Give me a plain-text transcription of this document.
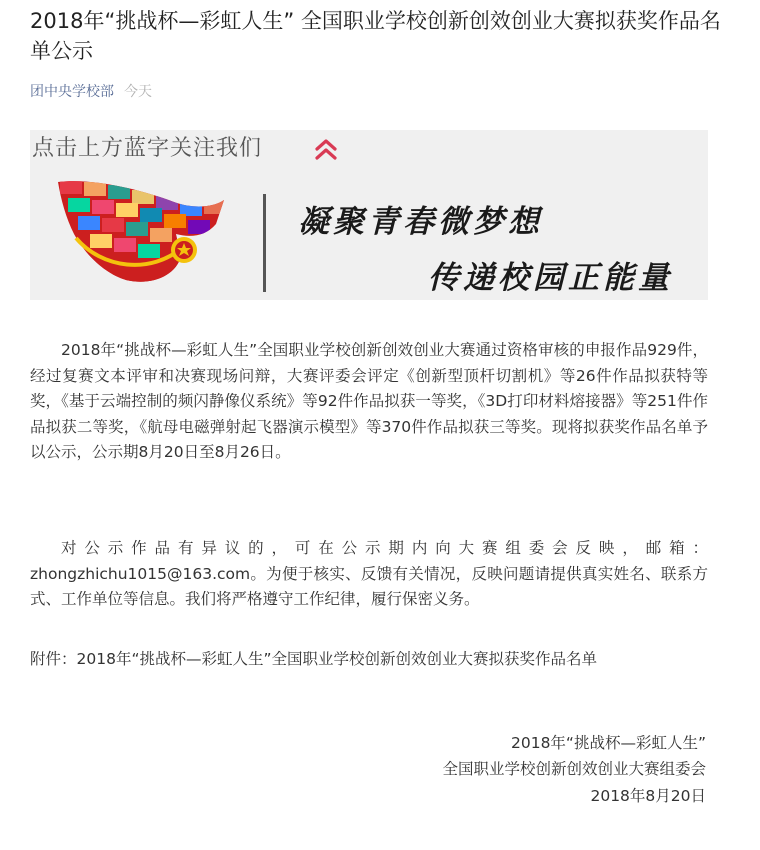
2018年“挑战杯—彩虹人生” 全国职业学校创新创效创业大赛拟获奖作品名单公示
团中央学校部 今天
点击上方蓝字关注我们
凝聚青春微梦想
传递校园正能量

2018年“挑战杯—彩虹人生”全国职业学校创新创效创业大赛通过资格审核的申报作品929件，经过复赛文本评审和决赛现场问辩，大赛评委会评定《创新型顶杆切割机》等26件作品拟获特等奖，《基于云端控制的频闪静像仪系统》等92件作品拟获一等奖，《3D打印材料熔接器》等251件作品拟获二等奖，《航母电磁弹射起飞器演示模型》等370件作品拟获三等奖。现将拟获奖作品名单予以公示，公示期8月20日至8月26日。

对公示作品有异议的，可在公示期内向大赛组委会反映，邮箱：zhongzhichu1015@163.com。为便于核实、反馈有关情况，反映问题请提供真实姓名、联系方式、工作单位等信息。我们将严格遵守工作纪律，履行保密义务。

附件：2018年“挑战杯—彩虹人生”全国职业学校创新创效创业大赛拟获奖作品名单

2018年“挑战杯—彩虹人生”
全国职业学校创新创效创业大赛组委会
2018年8月20日
